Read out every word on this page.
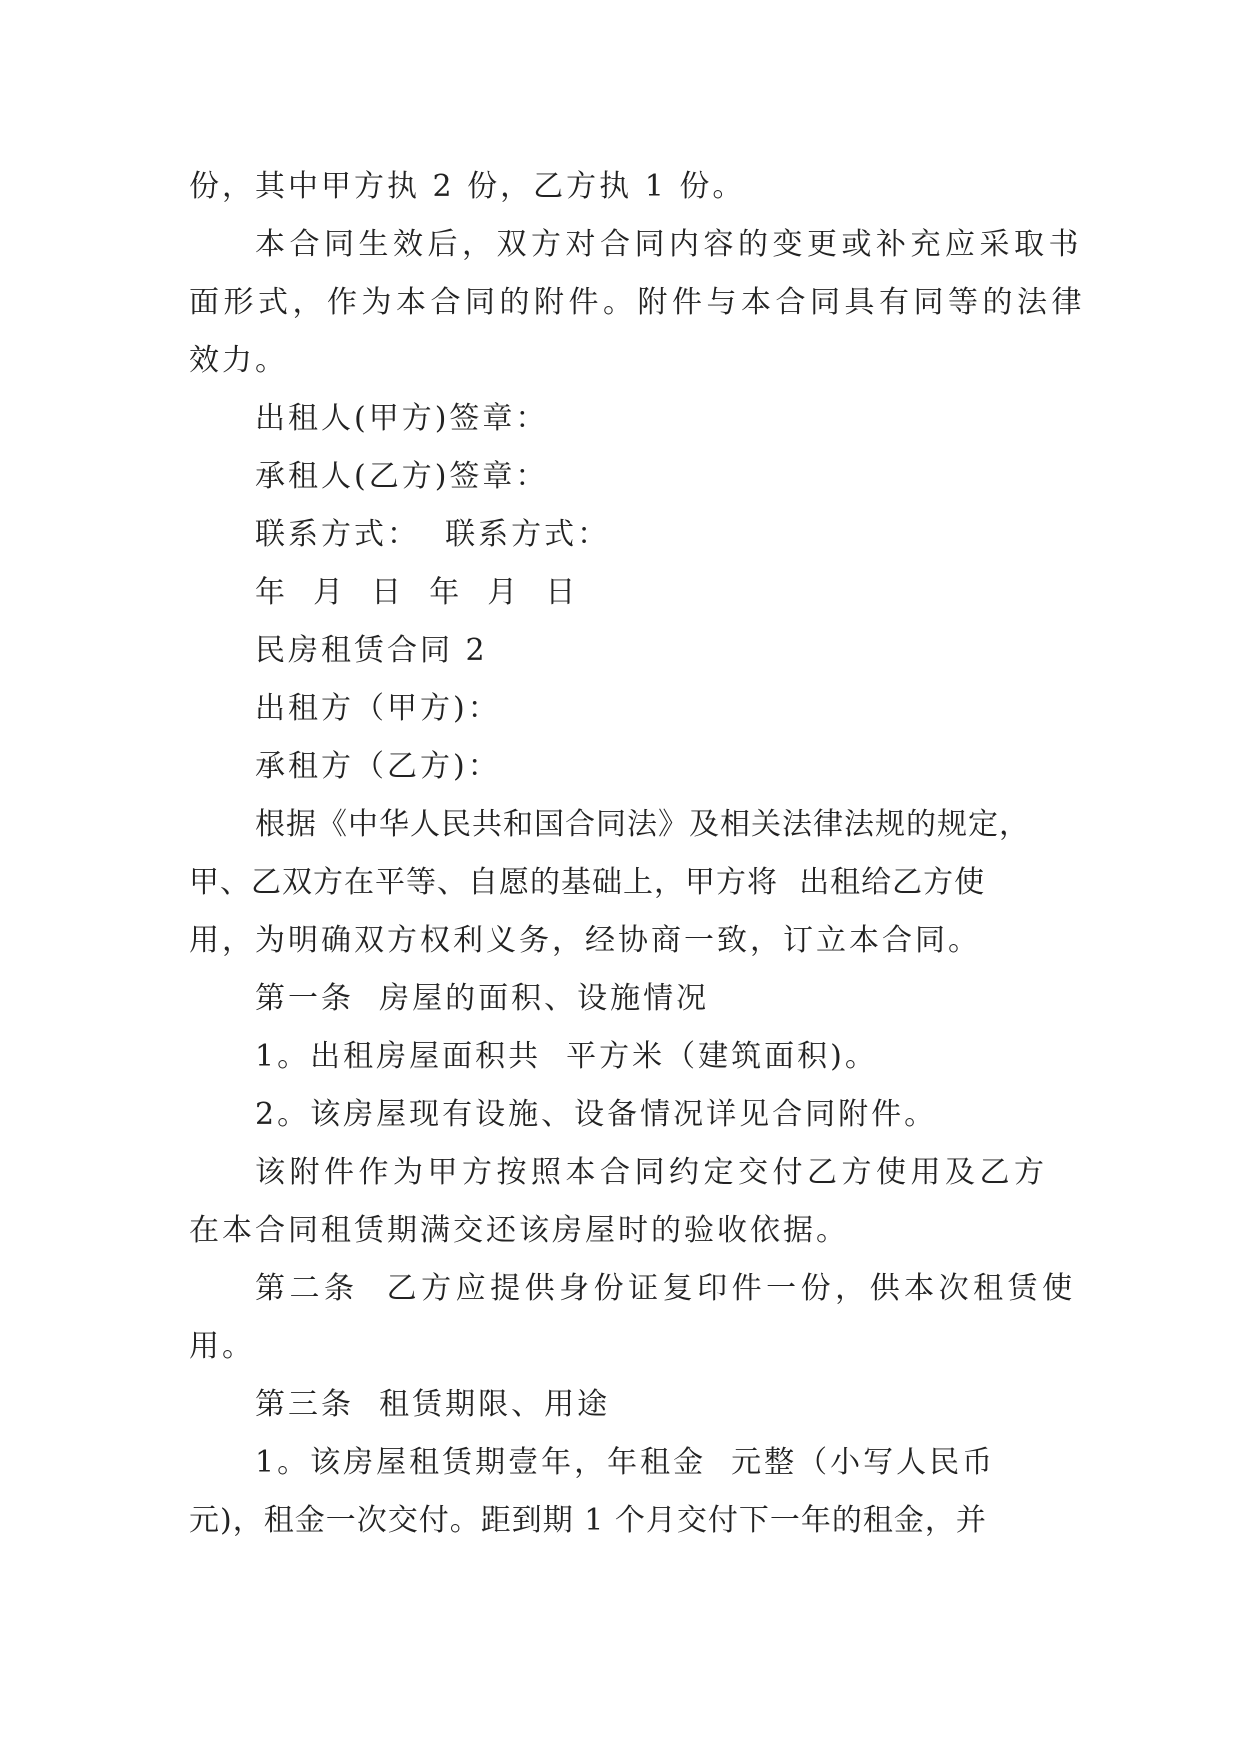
份，其中甲方执 2 份，乙方执 1 份。
本合同生效后，双方对合同内容的变更或补充应采取书
面形式，作为本合同的附件。附件与本合同具有同等的法律
效力。
出租人(甲方)签章：
承租人(乙方)签章：
联系方式：  联系方式：
年  月  日  年  月  日
民房租赁合同 2
出租方（甲方)：
承租方（乙方)：
根据《中华人民共和国合同法》及相关法律法规的规定，
甲、乙双方在平等、自愿的基础上，甲方将  出租给乙方使
用，为明确双方权利义务，经协商一致，订立本合同。
第一条  房屋的面积、设施情况
1。出租房屋面积共  平方米（建筑面积)。
2。该房屋现有设施、设备情况详见合同附件。
该附件作为甲方按照本合同约定交付乙方使用及乙方
在本合同租赁期满交还该房屋时的验收依据。
第二条  乙方应提供身份证复印件一份，供本次租赁使
用。
第三条  租赁期限、用途
1。该房屋租赁期壹年，年租金  元整（小写人民币
元)，租金一次交付。距到期 1 个月交付下一年的租金，并
